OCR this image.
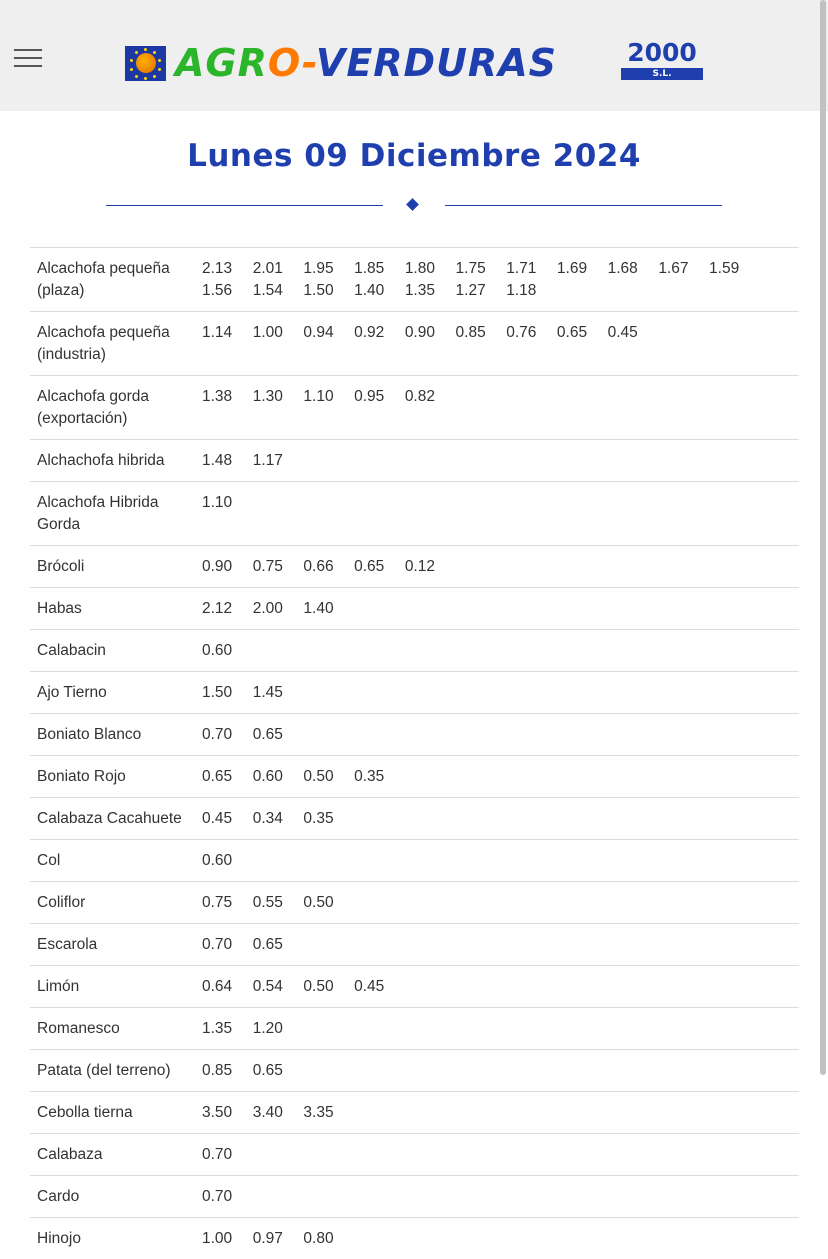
AGRO-VERDURAS	2000
S.L.
Lunes 09 Diciembre 2024
Alcachofa pequeña (plaza)	2.13 2.01 1.95 1.85 1.80 1.75 1.71 1.69 1.68 1.67 1.59 1.56 1.54 1.50 1.40 1.35 1.27 1.18
Alcachofa pequeña (industria)	1.14 1.00 0.94 0.92 0.90 0.85 0.76 0.65 0.45
Alcachofa gorda (exportación)	1.38 1.30 1.10 0.95 0.82
Alchachofa hibrida	1.48 1.17
Alcachofa Hibrida Gorda	1.10
Brócoli	0.90 0.75 0.66 0.65 0.12
Habas	2.12 2.00 1.40
Calabacin	0.60
Ajo Tierno	1.50 1.45
Boniato Blanco	0.70 0.65
Boniato Rojo	0.65 0.60 0.50 0.35
Calabaza Cacahuete	0.45 0.34 0.35
Col	0.60
Coliflor	0.75 0.55 0.50
Escarola	0.70 0.65
Limón	0.64 0.54 0.50 0.45
Romanesco	1.35 1.20
Patata (del terreno)	0.85 0.65
Cebolla tierna	3.50 3.40 3.35
Calabaza	0.70
Cardo	0.70
Hinojo	1.00 0.97 0.80
